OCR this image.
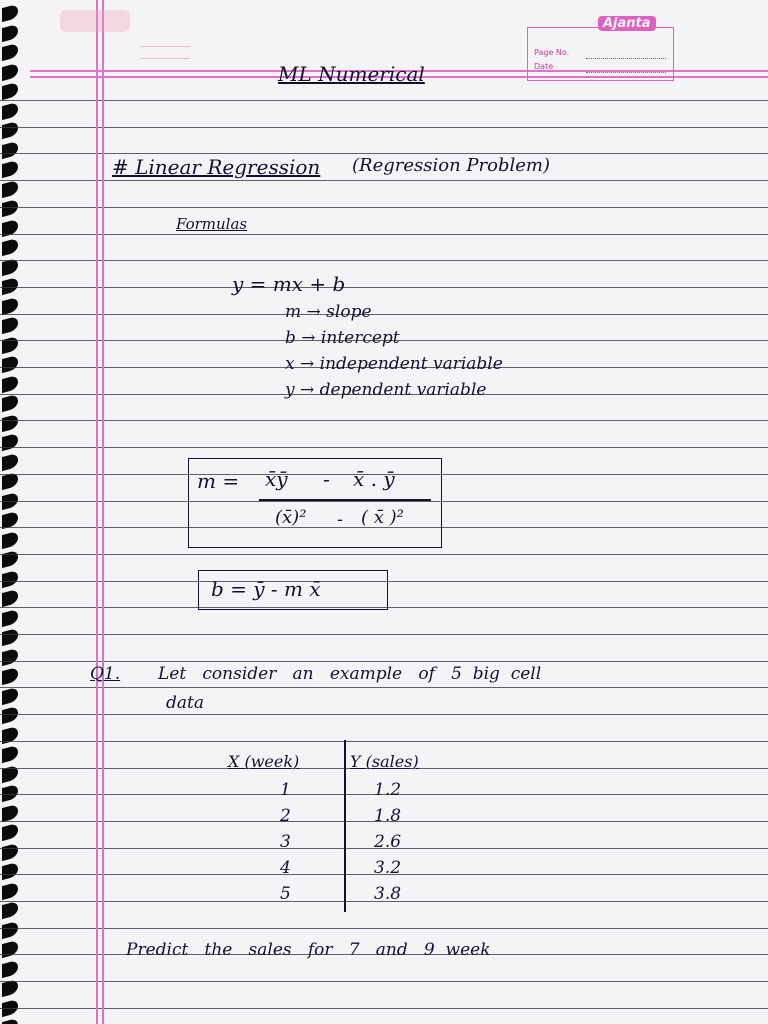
Ajanta
Page No.
Date
ML Numerical
# Linear Regression (Regression Problem)
Formulas
y = mx + b
m → slope
b → intercept
x → independent variable
y → dependent variable
m = x̄ȳ - x̄ . ȳ
(x̄)² - ( x̄ )²
b = ȳ - m x̄
Q1. Let   consider   an   example   of   5  big  cell
data
X (week)	Y (sales)
1	1.2
2	1.8
3	2.6
4	3.2
5	3.8
Predict   the   sales   for   7   and   9  week
